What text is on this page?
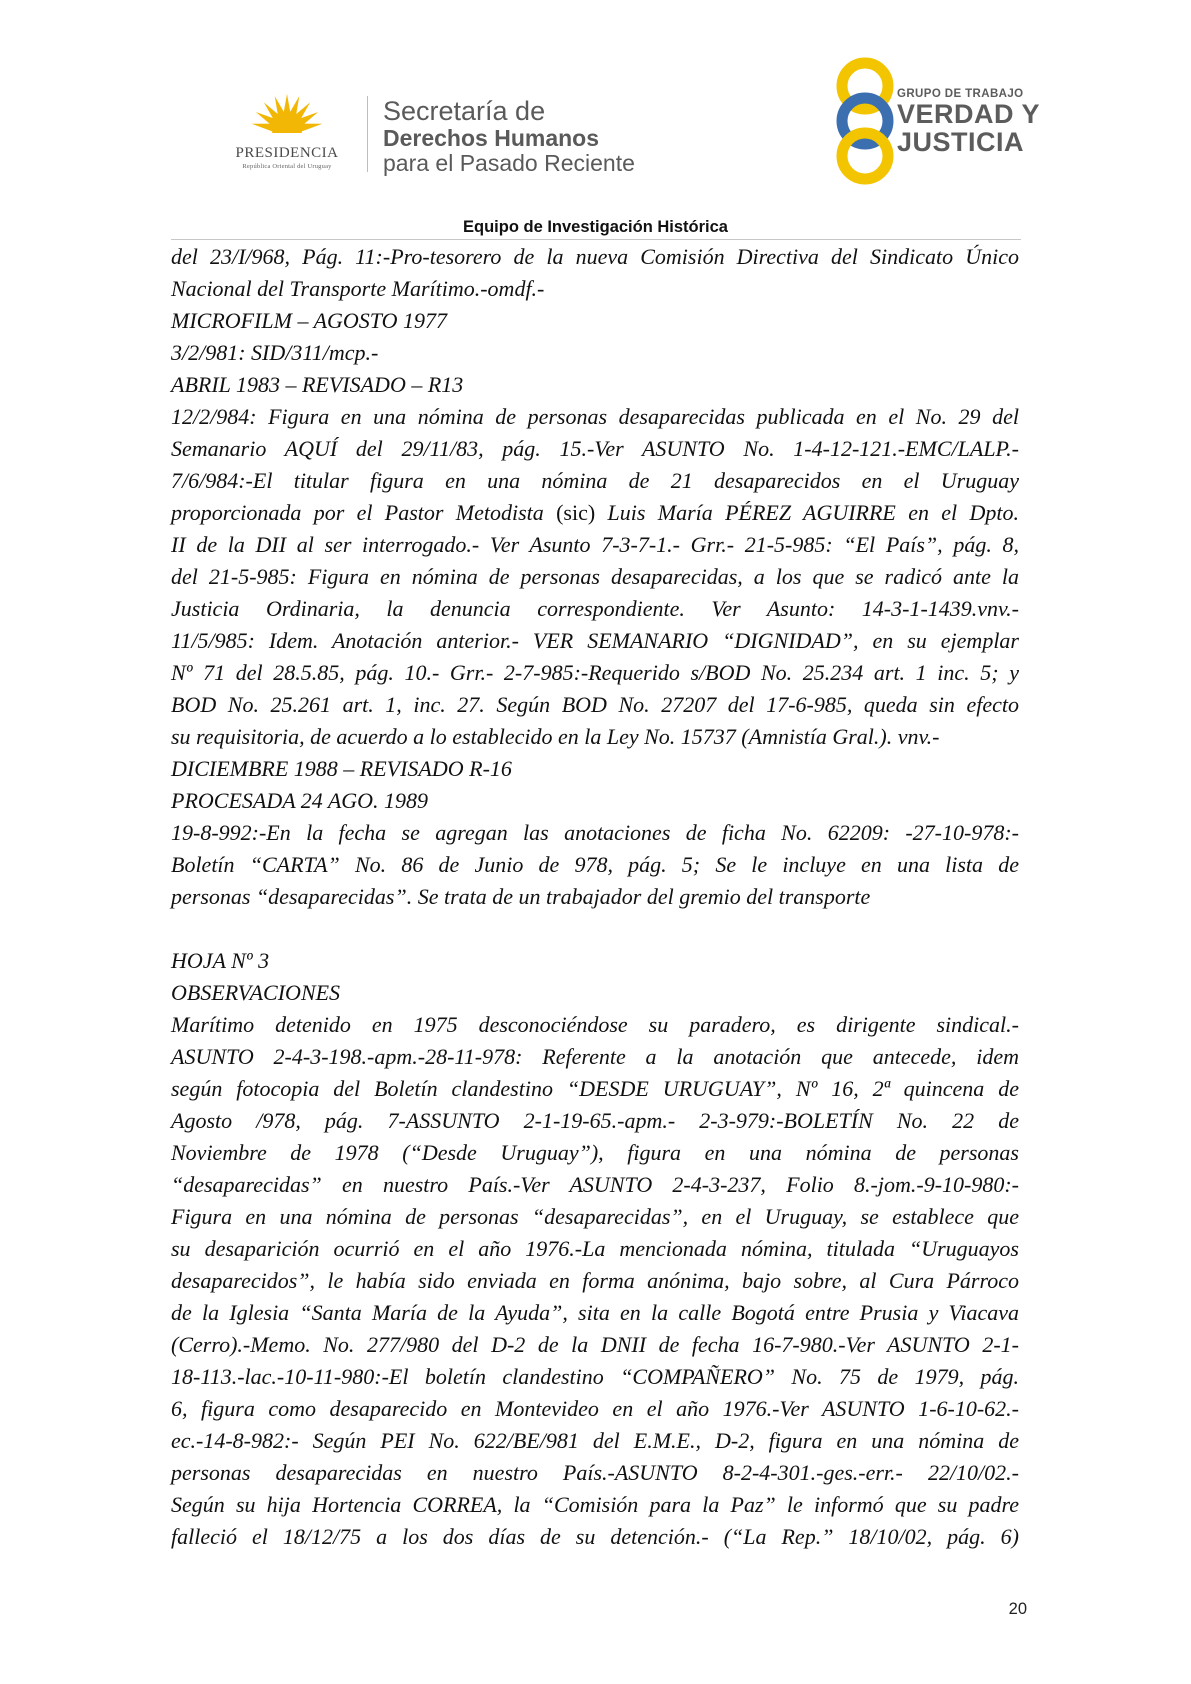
PRESIDENCIA
República Oriental del Uruguay
Secretaría de
Derechos Humanos
para el Pasado Reciente
GRUPO DE TRABAJO
VERDAD Y
JUSTICIA
Equipo de Investigación Histórica
del 23/I/968, Pág. 11:-Pro-tesorero de la nueva Comisión Directiva del Sindicato Único
Nacional del Transporte Marítimo.-omdf.-
MICROFILM – AGOSTO 1977
3/2/981: SID/311/mcp.-
ABRIL 1983 – REVISADO – R13
12/2/984: Figura en una nómina de personas desaparecidas publicada en el No. 29 del
Semanario AQUÍ del 29/11/83, pág. 15.-Ver ASUNTO No. 1-4-12-121.-EMC/LALP.-
7/6/984:-El titular figura en una nómina de 21 desaparecidos en el Uruguay
proporcionada por el Pastor Metodista (sic) Luis María PÉREZ AGUIRRE en el Dpto.
II de la DII al ser interrogado.- Ver Asunto 7-3-7-1.- Grr.- 21-5-985: “El País”, pág. 8,
del 21-5-985: Figura en nómina de personas desaparecidas, a los que se radicó ante la
Justicia Ordinaria, la denuncia correspondiente. Ver Asunto: 14-3-1-1439.vnv.-
11/5/985: Idem. Anotación anterior.- VER SEMANARIO “DIGNIDAD”, en su ejemplar
Nº 71 del 28.5.85, pág. 10.- Grr.- 2-7-985:-Requerido s/BOD No. 25.234 art. 1 inc. 5; y
BOD No. 25.261 art. 1, inc. 27. Según BOD No. 27207 del 17-6-985, queda sin efecto
su requisitoria, de acuerdo a lo establecido en la Ley No. 15737 (Amnistía Gral.). vnv.-
DICIEMBRE 1988 – REVISADO R-16
PROCESADA 24 AGO. 1989
19-8-992:-En la fecha se agregan las anotaciones de ficha No. 62209: -27-10-978:-
Boletín “CARTA” No. 86 de Junio de 978, pág. 5; Se le incluye en una lista de
personas “desaparecidas”. Se trata de un trabajador del gremio del transporte
HOJA Nº 3
OBSERVACIONES
Marítimo detenido en 1975 desconociéndose su paradero, es dirigente sindical.-
ASUNTO 2-4-3-198.-apm.-28-11-978: Referente a la anotación que antecede, idem
según fotocopia del Boletín clandestino “DESDE URUGUAY”, Nº 16, 2ª quincena de
Agosto /978, pág. 7-ASSUNTO 2-1-19-65.-apm.- 2-3-979:-BOLETÍN No. 22 de
Noviembre de 1978 (“Desde Uruguay”), figura en una nómina de personas
“desaparecidas” en nuestro País.-Ver ASUNTO 2-4-3-237, Folio 8.-jom.-9-10-980:-
Figura en una nómina de personas “desaparecidas”, en el Uruguay, se establece que
su desaparición ocurrió en el año 1976.-La mencionada nómina, titulada “Uruguayos
desaparecidos”, le había sido enviada en forma anónima, bajo sobre, al Cura Párroco
de la Iglesia “Santa María de la Ayuda”, sita en la calle Bogotá entre Prusia y Viacava
(Cerro).-Memo. No. 277/980 del D-2 de la DNII de fecha 16-7-980.-Ver ASUNTO 2-1-
18-113.-lac.-10-11-980:-El boletín clandestino “COMPAÑERO” No. 75 de 1979, pág.
6, figura como desaparecido en Montevideo en el año 1976.-Ver ASUNTO 1-6-10-62.-
ec.-14-8-982:- Según PEI No. 622/BE/981 del E.M.E., D-2, figura en una nómina de
personas desaparecidas en nuestro País.-ASUNTO 8-2-4-301.-ges.-err.- 22/10/02.-
Según su hija Hortencia CORREA, la “Comisión para la Paz” le informó que su padre
falleció el 18/12/75 a los dos días de su detención.- (“La Rep.” 18/10/02, pág. 6)
20
